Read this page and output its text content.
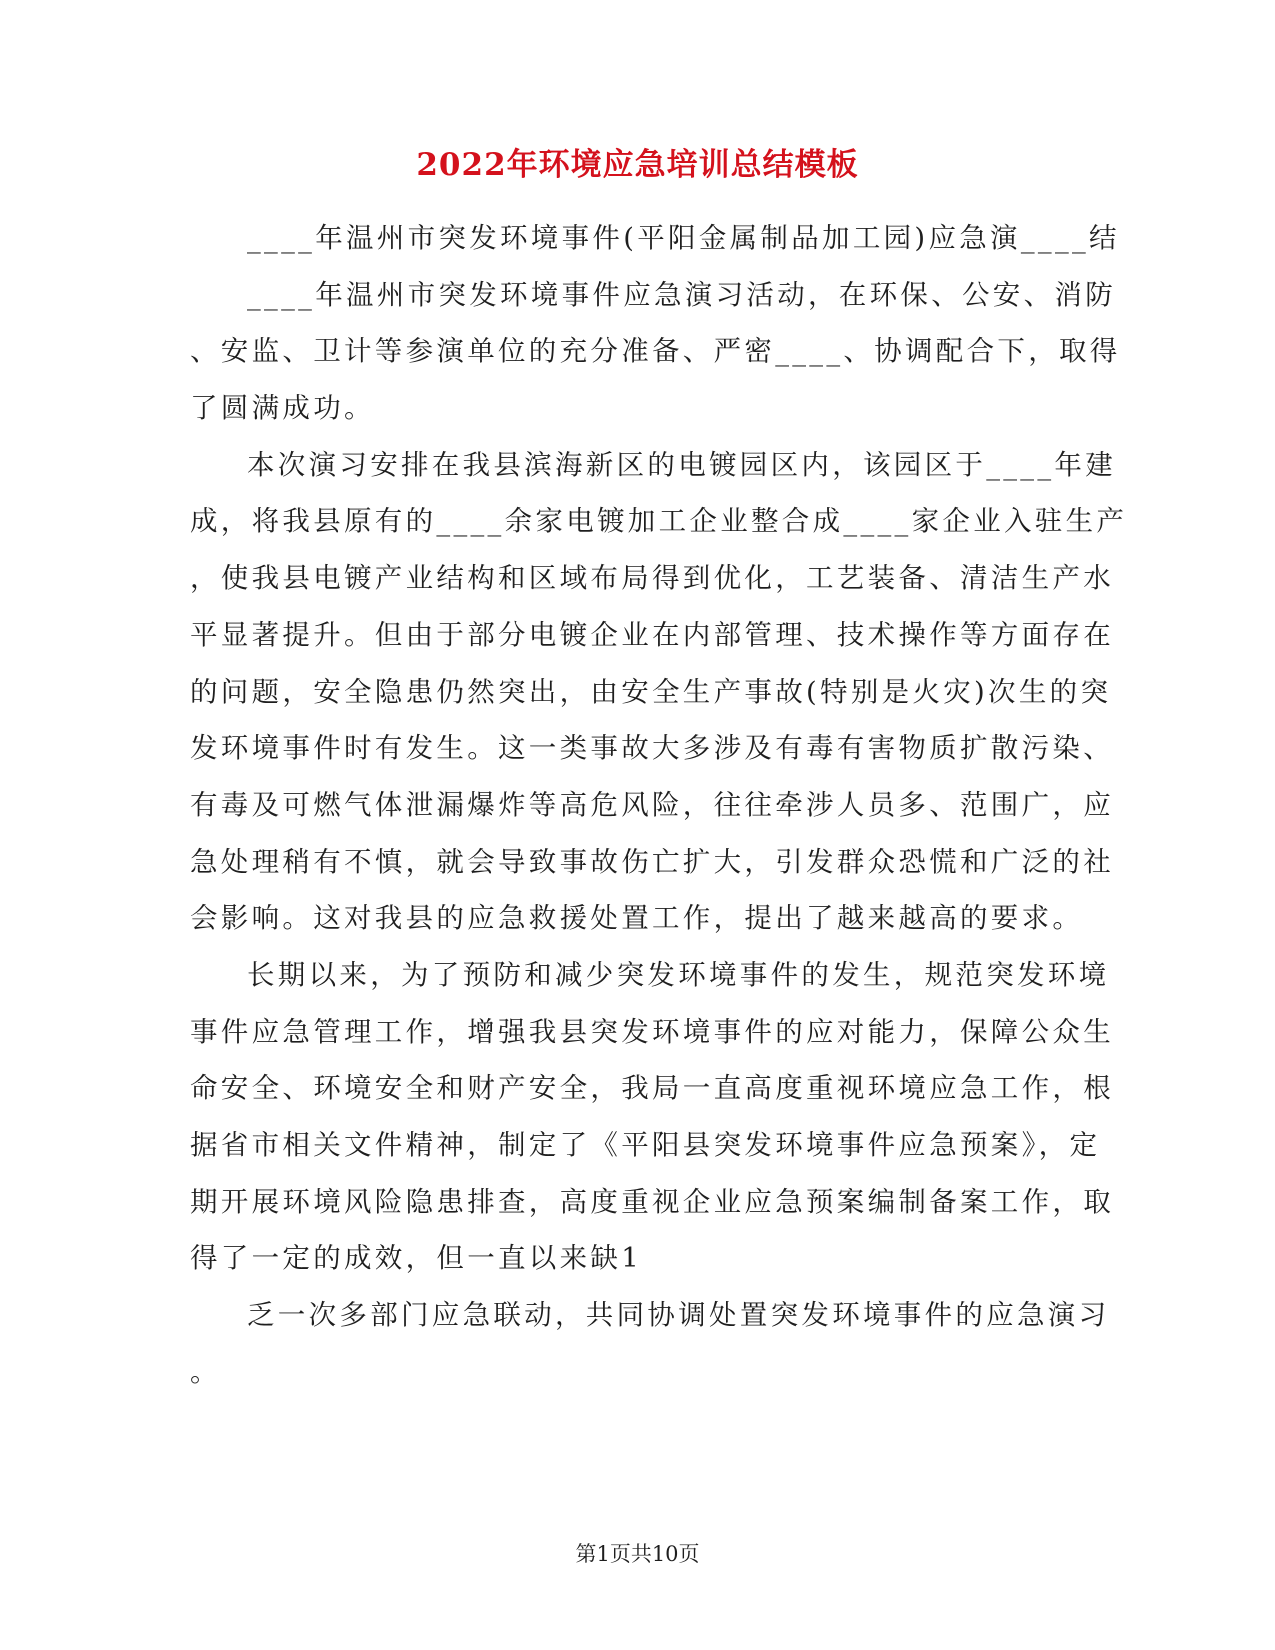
2022年环境应急培训总结模板
____年温州市突发环境事件(平阳金属制品加工园)应急演____结
____年温州市突发环境事件应急演习活动，在环保、公安、消防
、安监、卫计等参演单位的充分准备、严密____、协调配合下，取得
了圆满成功。
本次演习安排在我县滨海新区的电镀园区内，该园区于____年建
成，将我县原有的____余家电镀加工企业整合成____家企业入驻生产
，使我县电镀产业结构和区域布局得到优化，工艺装备、清洁生产水
平显著提升。但由于部分电镀企业在内部管理、技术操作等方面存在
的问题，安全隐患仍然突出，由安全生产事故(特别是火灾)次生的突
发环境事件时有发生。这一类事故大多涉及有毒有害物质扩散污染、
有毒及可燃气体泄漏爆炸等高危风险，往往牵涉人员多、范围广，应
急处理稍有不慎，就会导致事故伤亡扩大，引发群众恐慌和广泛的社
会影响。这对我县的应急救援处置工作，提出了越来越高的要求。
长期以来，为了预防和减少突发环境事件的发生，规范突发环境
事件应急管理工作，增强我县突发环境事件的应对能力，保障公众生
命安全、环境安全和财产安全，我局一直高度重视环境应急工作，根
据省市相关文件精神，制定了《平阳县突发环境事件应急预案》，定
期开展环境风险隐患排查，高度重视企业应急预案编制备案工作，取
得了一定的成效，但一直以来缺1
乏一次多部门应急联动，共同协调处置突发环境事件的应急演习
。
第1页共10页
